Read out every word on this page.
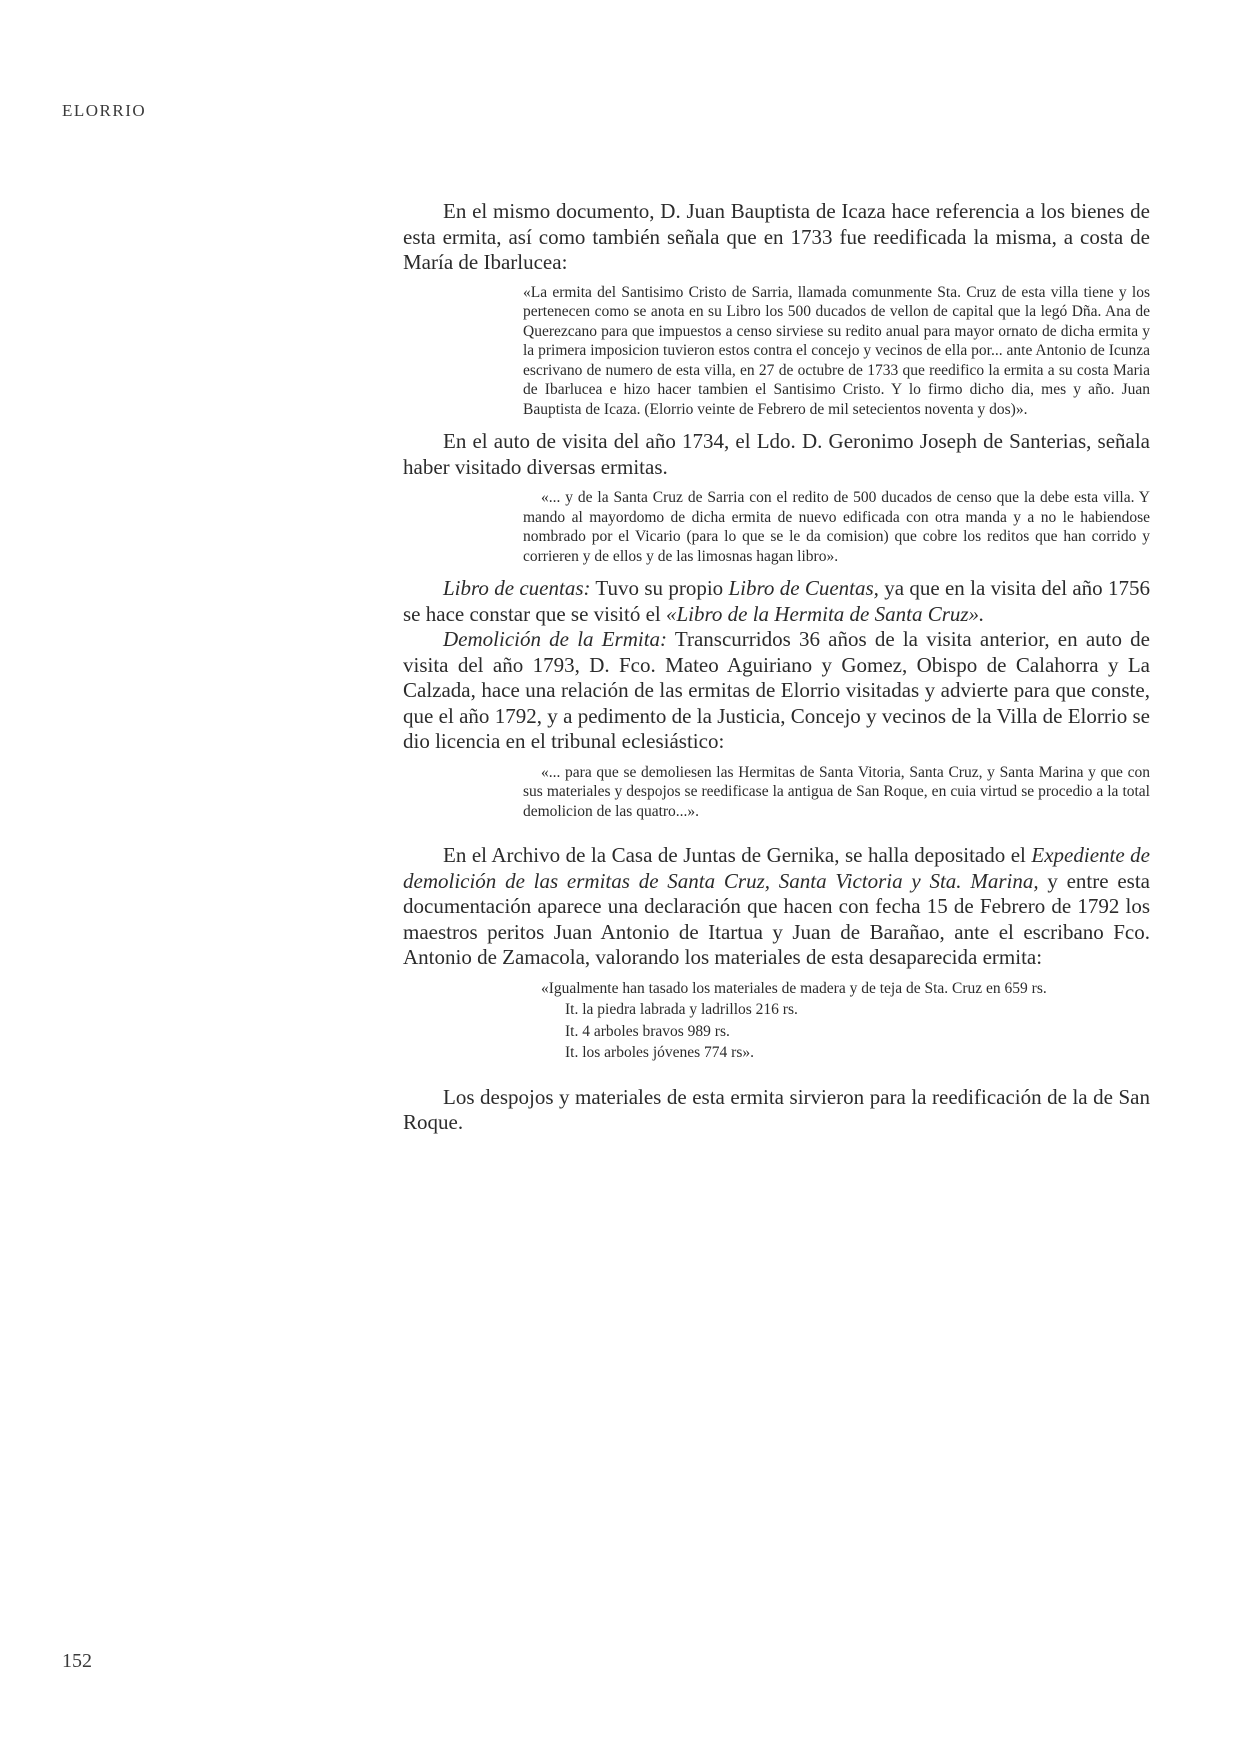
ELORRIO

En el mismo documento, D. Juan Bauptista de Icaza hace referencia a los bienes de esta ermita, así como también señala que en 1733 fue reedificada la misma, a costa de María de Ibarlucea:

«La ermita del Santisimo Cristo de Sarria, llamada comunmente Sta. Cruz de esta villa tiene y los pertenecen como se anota en su Libro los 500 ducados de vellon de capital que la legó Dña. Ana de Querezcano para que impuestos a censo sirviese su redito anual para mayor ornato de dicha ermita y la primera imposicion tuvieron estos contra el concejo y vecinos de ella por... ante Antonio de Icunza escrivano de numero de esta villa, en 27 de octubre de 1733 que reedifico la ermita a su costa Maria de Ibarlucea e hizo hacer tambien el Santisimo Cristo. Y lo firmo dicho dia, mes y año. Juan Bauptista de Icaza. (Elorrio veinte de Febrero de mil setecientos noventa y dos)».

En el auto de visita del año 1734, el Ldo. D. Geronimo Joseph de Santerias, señala haber visitado diversas ermitas.

«... y de la Santa Cruz de Sarria con el redito de 500 ducados de censo que la debe esta villa. Y mando al mayordomo de dicha ermita de nuevo edificada con otra manda y a no le habiendose nombrado por el Vicario (para lo que se le da comision) que cobre los reditos que han corrido y corrieren y de ellos y de las limosnas hagan libro».

Libro de cuentas: Tuvo su propio Libro de Cuentas, ya que en la visita del año 1756 se hace constar que se visitó el «Libro de la Hermita de Santa Cruz».

Demolición de la Ermita: Transcurridos 36 años de la visita anterior, en auto de visita del año 1793, D. Fco. Mateo Aguiriano y Gomez, Obispo de Calahorra y La Calzada, hace una relación de las ermitas de Elorrio visitadas y advierte para que conste, que el año 1792, y a pedimento de la Justicia, Concejo y vecinos de la Villa de Elorrio se dio licencia en el tribunal eclesiástico:

«... para que se demoliesen las Hermitas de Santa Vitoria, Santa Cruz, y Santa Marina y que con sus materiales y despojos se reedificase la antigua de San Roque, en cuia virtud se procedio a la total demolicion de las quatro...».

En el Archivo de la Casa de Juntas de Gernika, se halla depositado el Expediente de demolición de las ermitas de Santa Cruz, Santa Victoria y Sta. Marina, y entre esta documentación aparece una declaración que hacen con fecha 15 de Febrero de 1792 los maestros peritos Juan Antonio de Itartua y Juan de Barañao, ante el escribano Fco. Antonio de Zamacola, valorando los materiales de esta desaparecida ermita:

«Igualmente han tasado los materiales de madera y de teja de Sta. Cruz en 659 rs.

It. la piedra labrada y ladrillos 216 rs.
It. 4 arboles bravos 989 rs.
It. los arboles jóvenes 774 rs».

Los despojos y materiales de esta ermita sirvieron para la reedificación de la de San Roque.

152
